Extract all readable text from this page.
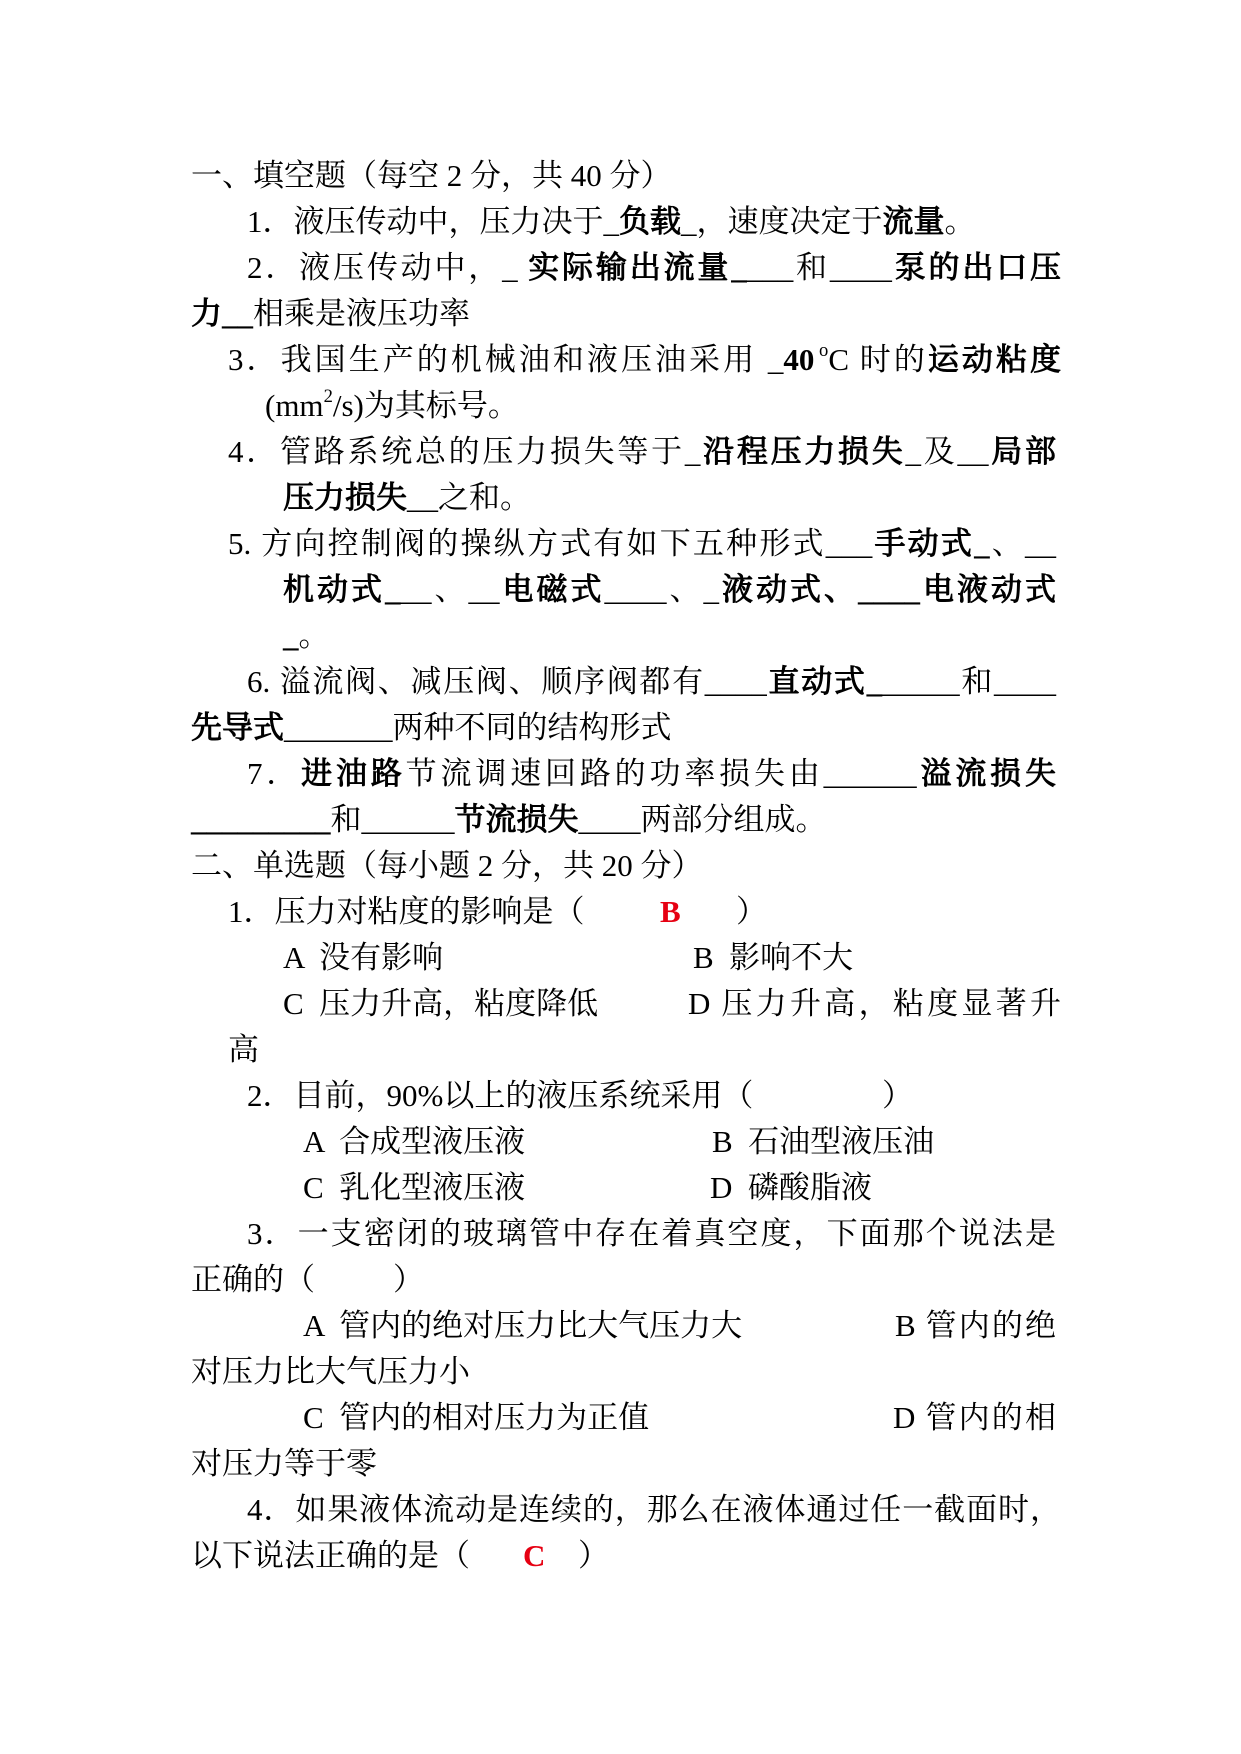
一、填空题（每空 2 分，共 40 分）
1．液压传动中，压力决于_负载_，速度决定于流量。
2．液压传动中，_ 实际输出流量____和____泵的出口压
力__相乘是液压功率
3．我国生产的机械油和液压油采用 _40 $^o$C 时的运动粘度
$(mm^2/s)$为其标号。
4．管路系统总的压力损失等于_沿程压力损失_及__局部
压力损失__之和。
5. 方向控制阀的操纵方式有如下五种形式___手动式_、__
机动式___、__电磁式____、_液动式、____电液动式
_。
6. 溢流阀、减压阀、顺序阀都有____直动式______和____
先导式_______两种不同的结构形式
7．进油路节流调速回路的功率损失由______溢流损失
_________和______节流损失____两部分组成。
二、单选题（每小题 2 分，共 20 分）
1．压力对粘度的影响是（ B ）
A  没有影响	B  影响不大
C  压力升高，粘度降低	D 压力升高，粘度显著升
高
2．目前，90%以上的液压系统采用（	）
A  合成型液压液	B  石油型液压油
C  乳化型液压液	D  磷酸脂液
3．一支密闭的玻璃管中存在着真空度，下面那个说法是
正确的（	）
A  管内的绝对压力比大气压力大	B 管内的绝
对压力比大气压力小
C  管内的相对压力为正值	D 管内的相
对压力等于零
4．如果液体流动是连续的，那么在液体通过任一截面时，
以下说法正确的是（ C ）
